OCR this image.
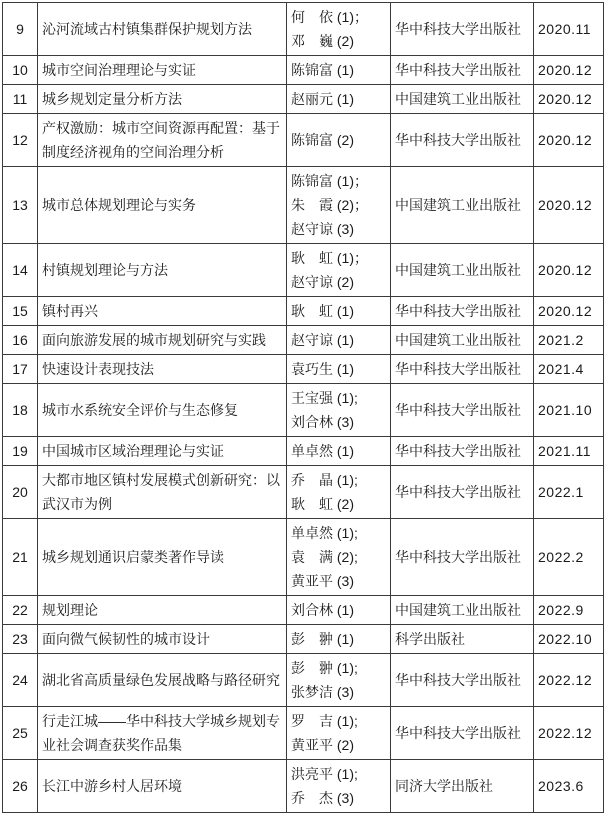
9	沁河流域古村镇集群保护规划方法	何　依 (1)；
邓　巍 (2)	华中科技大学出版社	2020.11
10	城市空间治理理论与实证	陈锦富 (1)	华中科技大学出版社	2020.12
11	城乡规划定量分析方法	赵丽元 (1)	中国建筑工业出版社	2020.12
12	产权激励：城市空间资源再配置：基于制度经济视角的空间治理分析	陈锦富 (2)	华中科技大学出版社	2020.12
13	城市总体规划理论与实务	陈锦富 (1)；
朱　霞 (2)；
赵守谅 (3)	中国建筑工业出版社	2020.12
14	村镇规划理论与方法	耿　虹 (1)；
赵守谅 (2)	中国建筑工业出版社	2020.12
15	镇村再兴	耿　虹 (1)	华中科技大学出版社	2020.12
16	面向旅游发展的城市规划研究与实践	赵守谅 (1)	中国建筑工业出版社	2021.2
17	快速设计表现技法	袁巧生 (1)	华中科技大学出版社	2021.4
18	城市水系统安全评价与生态修复	王宝强 (1);
刘合林 (3)	华中科技大学出版社	2021.10
19	中国城市区域治理理论与实证	单卓然 (1)	华中科技大学出版社	2021.11
20	大都市地区镇村发展模式创新研究：以武汉市为例	乔　晶 (1);
耿　虹 (2)	华中科技大学出版社	2022.1
21	城乡规划通识启蒙类著作导读	单卓然 (1);
袁　满 (2);
黄亚平 (3)	华中科技大学出版社	2022.2
22	规划理论	刘合林 (1)	中国建筑工业出版社	2022.9
23	面向微气候韧性的城市设计	彭　翀 (1)	科学出版社	2022.10
24	湖北省高质量绿色发展战略与路径研究	彭　翀 (1);
张梦洁 (3)	华中科技大学出版社	2022.12
25	行走江城——华中科技大学城乡规划专业社会调查获奖作品集	罗　吉 (1);
黄亚平 (2)	华中科技大学出版社	2022.12
26	长江中游乡村人居环境	洪亮平 (1);
乔　杰 (3)	同济大学出版社	2023.6
